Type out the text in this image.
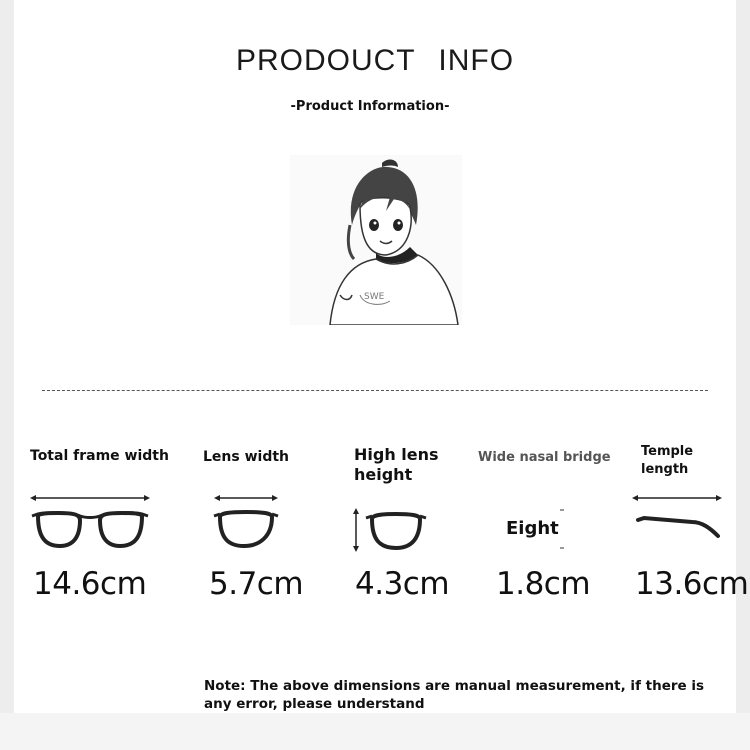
PRODOUCT INFO
-Product Information-
SWE
Total frame width Lens width	High lens height
Wide nasal bridge Temple length
Eight
14.6cm 5.7cm 4.3cm 1.8cm 13.6cm
Note: The above dimensions are manual measurement, if there is any error, please understand
